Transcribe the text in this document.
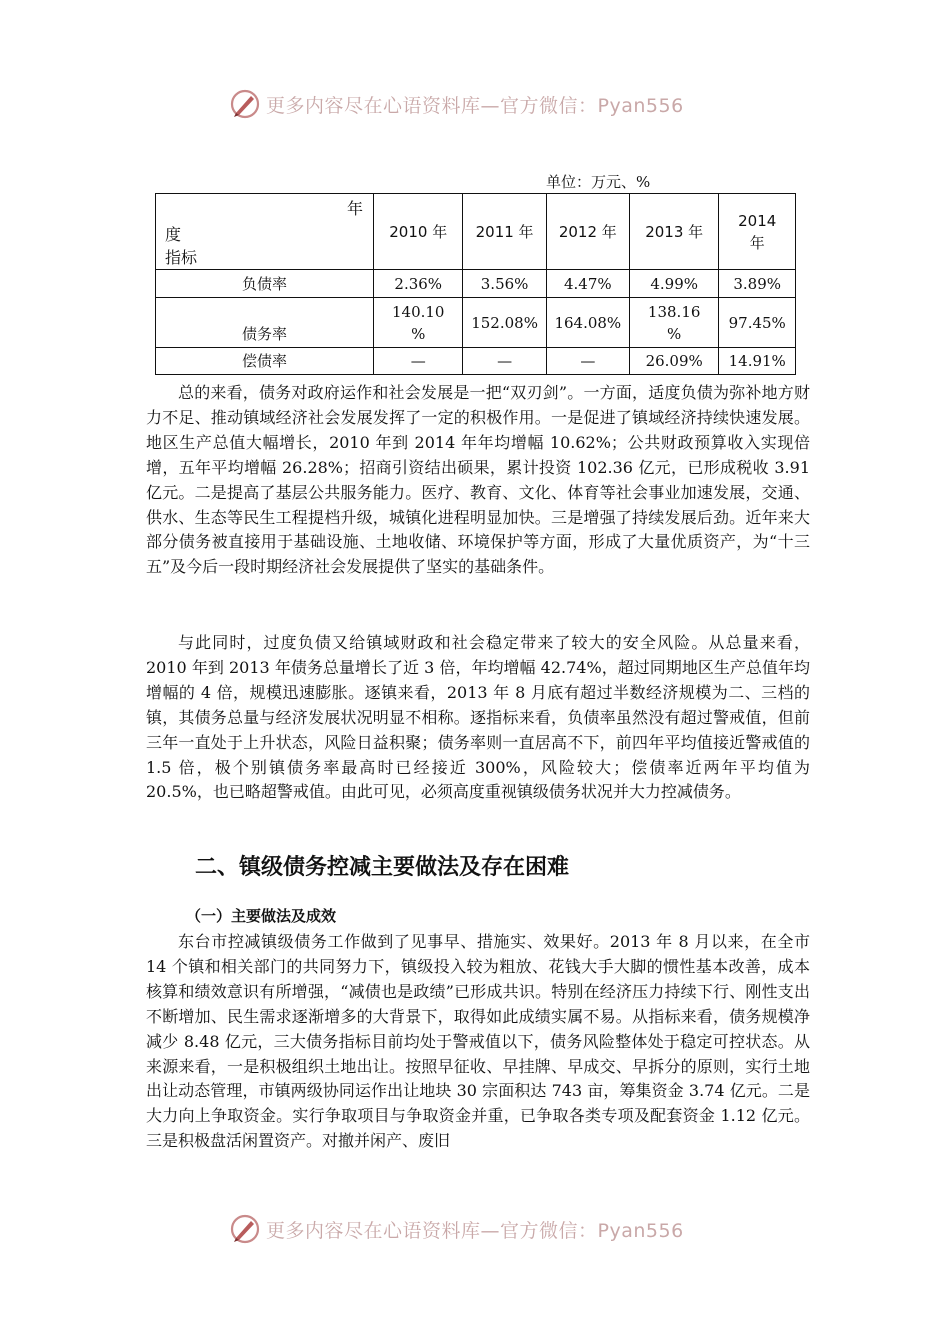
更多内容尽在心语资料库—官方微信：Pyan556
单位：万元、%
年
度
指标	2010 年	2011 年	2012 年	2013 年	2014 年
负债率	2.36%	3.56%	4.47%	4.99%	3.89%
债务率	140.10 %	152.08%	164.08%	138.16 %	97.45%
偿债率	—	—	—	26.09%	14.91%

总的来看，债务对政府运作和社会发展是一把“双刃剑”。一方面，适度负债为弥补地方财力不足、推动镇域经济社会发展发挥了一定的积极作用。一是促进了镇域经济持续快速发展。地区生产总值大幅增长，2010 年到 2014 年年均增幅 10.62%；公共财政预算收入实现倍增，五年平均增幅 26.28%；招商引资结出硕果，累计投资 102.36 亿元，已形成税收 3.91 亿元。二是提高了基层公共服务能力。医疗、教育、文化、体育等社会事业加速发展，交通、供水、生态等民生工程提档升级，城镇化进程明显加快。三是增强了持续发展后劲。近年来大部分债务被直接用于基础设施、土地收储、环境保护等方面，形成了大量优质资产，为“十三五”及今后一段时期经济社会发展提供了坚实的基础条件。

与此同时，过度负债又给镇域财政和社会稳定带来了较大的安全风险。从总量来看，2010 年到 2013 年债务总量增长了近 3 倍，年均增幅 42.74%，超过同期地区生产总值年均增幅的 4 倍，规模迅速膨胀。逐镇来看，2013 年 8 月底有超过半数经济规模为二、三档的镇，其债务总量与经济发展状况明显不相称。逐指标来看，负债率虽然没有超过警戒值，但前三年一直处于上升状态，风险日益积聚；债务率则一直居高不下，前四年平均值接近警戒值的 1.5 倍，极个别镇债务率最高时已经接近 300%，风险较大；偿债率近两年平均值为 20.5%，也已略超警戒值。由此可见，必须高度重视镇级债务状况并大力控减债务。

二、镇级债务控减主要做法及存在困难
（一）主要做法及成效

东台市控减镇级债务工作做到了见事早、措施实、效果好。2013 年 8 月以来，在全市 14 个镇和相关部门的共同努力下，镇级投入较为粗放、花钱大手大脚的惯性基本改善，成本核算和绩效意识有所增强，“减债也是政绩”已形成共识。特别在经济压力持续下行、刚性支出不断增加、民生需求逐渐增多的大背景下，取得如此成绩实属不易。从指标来看，债务规模净减少 8.48 亿元，三大债务指标目前均处于警戒值以下，债务风险整体处于稳定可控状态。从来源来看，一是积极组织土地出让。按照早征收、早挂牌、早成交、早拆分的原则，实行土地出让动态管理，市镇两级协同运作出让地块 30 宗面积达 743 亩，筹集资金 3.74 亿元。二是大力向上争取资金。实行争取项目与争取资金并重，已争取各类专项及配套资金 1.12 亿元。三是积极盘活闲置资产。对撤并闲产、废旧

更多内容尽在心语资料库—官方微信：Pyan556
